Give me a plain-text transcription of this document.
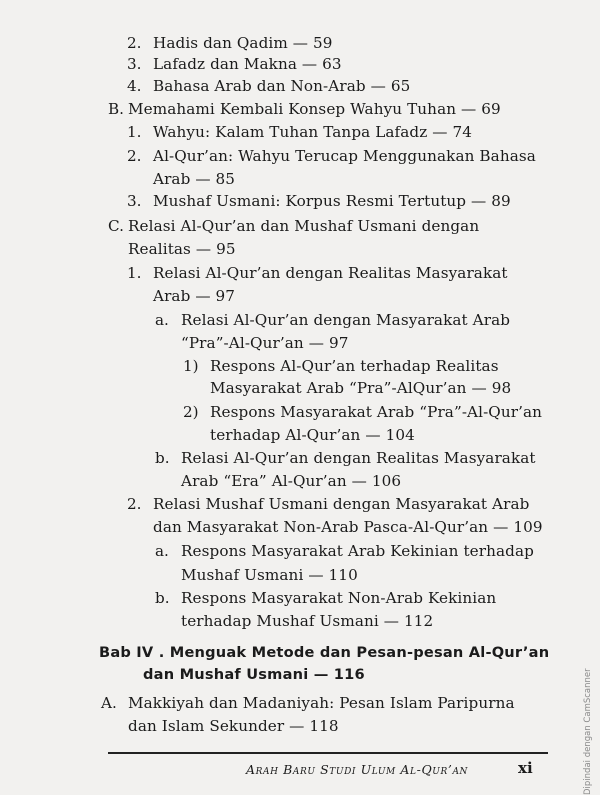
2. Hadis dan Qadim — 59
3. Lafadz dan Makna — 63
4. Bahasa Arab dan Non-Arab — 65
B. Memahami Kembali Konsep Wahyu Tuhan — 69
1. Wahyu: Kalam Tuhan Tanpa Lafadz — 74
2. Al-Qur’an: Wahyu Terucap Menggunakan Bahasa
Arab — 85
3. Mushaf Usmani: Korpus Resmi Tertutup — 89
C. Relasi Al-Qur’an dan Mushaf Usmani dengan
Realitas — 95
1. Relasi Al-Qur’an dengan Realitas Masyarakat
Arab — 97
a. Relasi Al-Qur’an dengan Masyarakat Arab
“Pra”-Al-Qur’an — 97
1) Respons Al-Qur’an terhadap Realitas
Masyarakat Arab “Pra”-AlQur’an — 98
2) Respons Masyarakat Arab “Pra”-Al-Qur’an
terhadap Al-Qur’an — 104
b. Relasi Al-Qur’an dengan Realitas Masyarakat
Arab “Era” Al-Qur’an — 106
2. Relasi Mushaf Usmani dengan Masyarakat Arab
dan Masyarakat Non-Arab Pasca-Al-Qur’an — 109
a. Respons Masyarakat Arab Kekinian terhadap
Mushaf Usmani — 110
b. Respons Masyarakat Non-Arab Kekinian
terhadap Mushaf Usmani — 112
Bab IV . Menguak Metode dan Pesan-pesan Al-Qur’an
dan Mushaf Usmani — 116
A. Makkiyah dan Madaniyah: Pesan Islam Paripurna
dan Islam Sekunder — 118
Arah Baru Studi Ulum Al-Qur’an	xi	Dipindai dengan CamScanner
